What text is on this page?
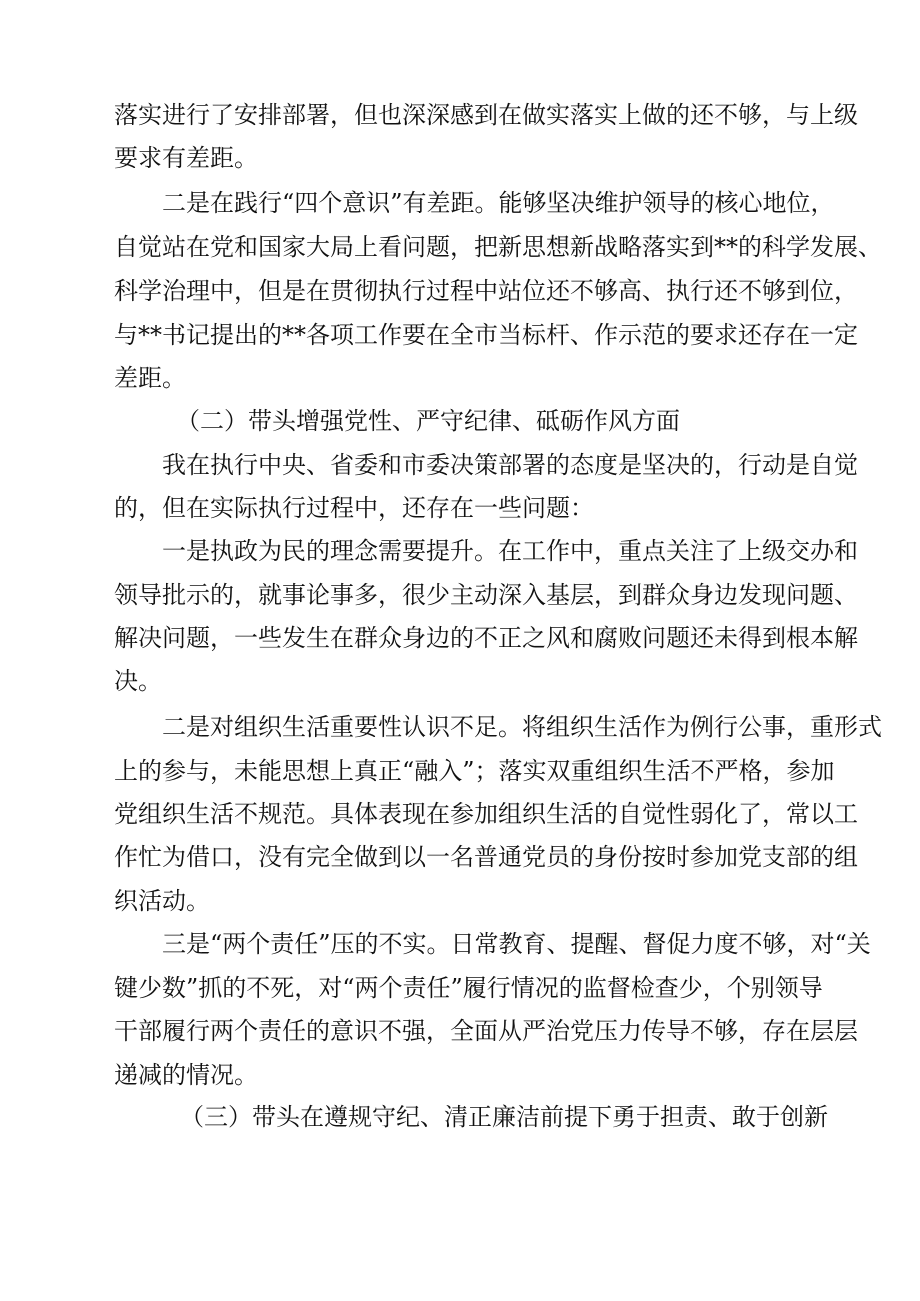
落实进行了安排部署，但也深深感到在做实落实上做的还不够，与上级
要求有差距。
二是在践行“四个意识”有差距。能够坚决维护领导的核心地位，
自觉站在党和国家大局上看问题，把新思想新战略落实到**的科学发展、
科学治理中，但是在贯彻执行过程中站位还不够高、执行还不够到位，
与**书记提出的**各项工作要在全市当标杆、作示范的要求还存在一定
差距。
（二）带头增强党性、严守纪律、砥砺作风方面
我在执行中央、省委和市委决策部署的态度是坚决的，行动是自觉
的，但在实际执行过程中，还存在一些问题：
一是执政为民的理念需要提升。在工作中，重点关注了上级交办和
领导批示的，就事论事多，很少主动深入基层，到群众身边发现问题、
解决问题，一些发生在群众身边的不正之风和腐败问题还未得到根本解
决。
二是对组织生活重要性认识不足。将组织生活作为例行公事，重形式
上的参与，未能思想上真正“融入”；落实双重组织生活不严格，参加
党组织生活不规范。具体表现在参加组织生活的自觉性弱化了，常以工
作忙为借口，没有完全做到以一名普通党员的身份按时参加党支部的组
织活动。
三是“两个责任”压的不实。日常教育、提醒、督促力度不够，对“关
键少数”抓的不死，对“两个责任”履行情况的监督检查少，个别领导
干部履行两个责任的意识不强，全面从严治党压力传导不够，存在层层
递减的情况。
（三）带头在遵规守纪、清正廉洁前提下勇于担责、敢于创新
